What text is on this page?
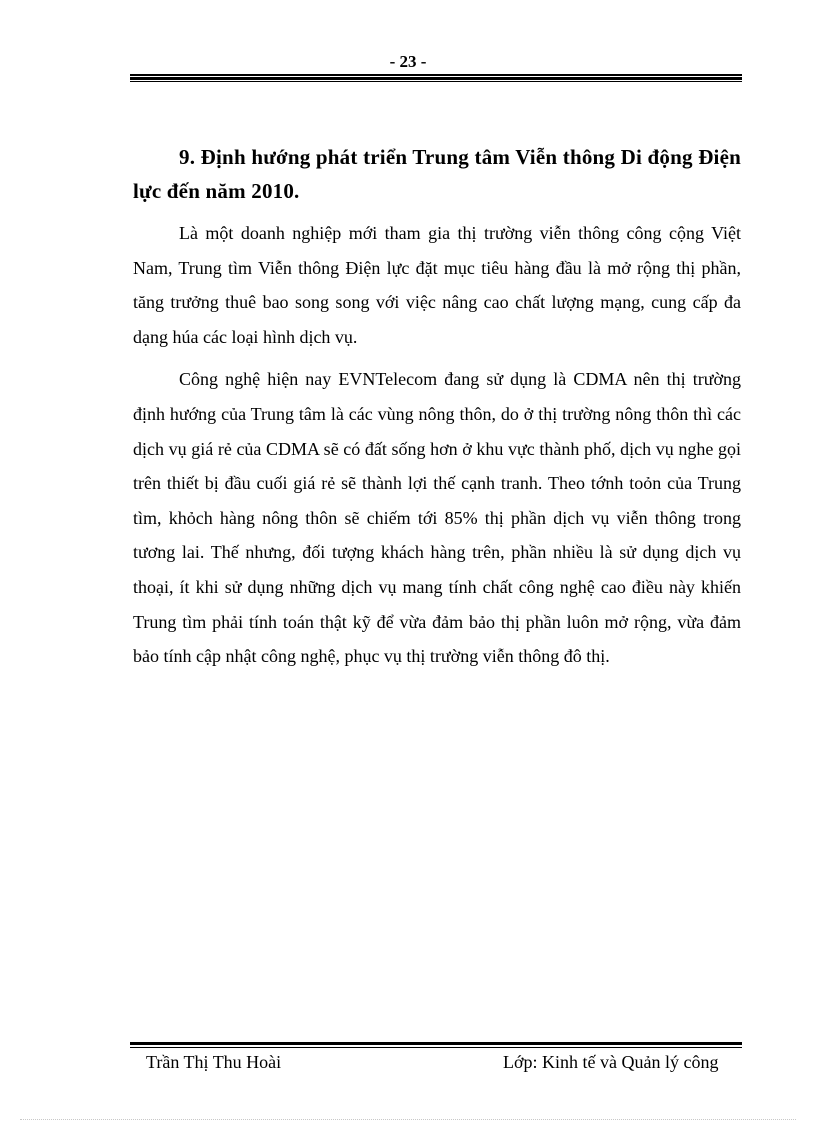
- 23 -

9. Định hướng phát triển Trung tâm Viễn thông Di động Điện lực đến năm 2010.

Là một doanh nghiệp mới tham gia thị trường viễn thông công cộng Việt Nam, Trung tìm Viễn thông Điện lực đặt mục tiêu hàng đầu là mở rộng thị phần, tăng trưởng thuê bao song song với việc nâng cao chất lượng mạng, cung cấp đa dạng húa các loại hình dịch vụ.

Công nghệ hiện nay EVNTelecom đang sử dụng là CDMA nên thị trường định hướng của Trung tâm là các vùng nông thôn, do ở thị trường nông thôn thì các dịch vụ giá rẻ của CDMA sẽ có đất sống hơn ở khu vực thành phố, dịch vụ nghe gọi trên thiết bị đầu cuối giá rẻ sẽ thành lợi thế cạnh tranh. Theo tớnh toỏn của Trung tìm, khỏch hàng nông thôn sẽ chiếm tới 85% thị phần dịch vụ viễn thông trong tương lai. Thế nhưng, đối tượng khách hàng trên, phần nhiều là sử dụng dịch vụ thoại, ít khi sử dụng những dịch vụ mang tính chất công nghệ cao điều này khiến Trung tìm phải tính toán thật kỹ để vừa đảm bảo thị phần luôn mở rộng, vừa đảm bảo tính cập nhật công nghệ, phục vụ thị trường viễn thông đô thị.

Trần Thị Thu Hoài	Lớp: Kinh tế và Quản lý công
